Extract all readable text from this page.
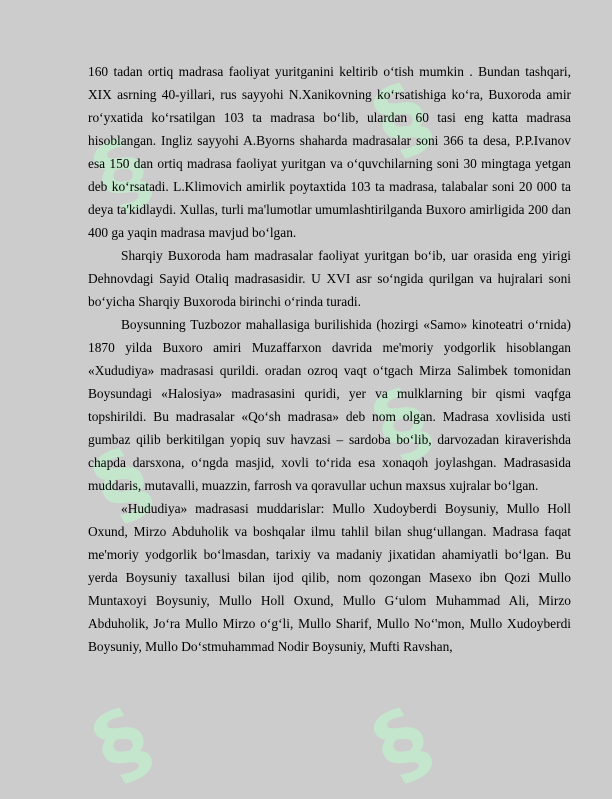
§ §
§
§
§ §

160 tadan ortiq madrasa faoliyat yuritganini keltirib o‘tish mumkin . Bundan tashqari, XIX asrning 40-yillari, rus sayyohi N.Xanikovning ko‘rsatishiga ko‘ra, Buxoroda amir ro‘yxatida ko‘rsatilgan 103 ta madrasa bo‘lib, ulardan 60 tasi eng katta madrasa hisoblangan. Ingliz sayyohi A.Byorns shaharda madrasalar soni 366 ta desa, P.P.Ivanov esa 150 dan ortiq madrasa faoliyat yuritgan va o‘quvchilarning soni 30 mingtaga yetgan deb ko‘rsatadi. L.Klimovich amirlik poytaxtida 103 ta madrasa, talabalar soni 20 000 ta deya ta'kidlaydi. Xullas, turli ma'lumotlar umumlashtirilganda Buxoro amirligida 200 dan 400 ga yaqin madrasa mavjud bo‘lgan.

Sharqiy Buxoroda ham madrasalar faoliyat yuritgan bo‘ib, uar orasida eng yirigi Dehnovdagi Sayid Otaliq madrasasidir. U XVI asr so‘ngida qurilgan va hujralari soni bo‘yicha Sharqiy Buxoroda birinchi o‘rinda turadi.

Boysunning Tuzbozor mahallasiga burilishida (hozirgi «Samo» kinoteatri o‘rnida) 1870 yilda Buxoro amiri Muzaffarxon davrida me'moriy yodgorlik hisoblangan «Xududiya» madrasasi qurildi. oradan ozroq vaqt o‘tgach Mirza Salimbek tomonidan Boysundagi «Halosiya» madrasasini quridi, yer va mulklarning bir qismi vaqfga topshirildi. Bu madrasalar «Qo‘sh madrasa» deb nom olgan. Madrasa xovlisida usti gumbaz qilib berkitilgan yopiq suv havzasi – sardoba bo‘lib, darvozadan kiraverishda chapda darsxona, o‘ngda masjid, xovli to‘rida esa xonaqoh joylashgan. Madrasasida muddaris, mutavalli, muazzin, farrosh va qoravullar uchun maxsus xujralar bo‘lgan.

«Hududiya» madrasasi muddarislar: Mullo Xudoyberdi Boysuniy, Mullo Holl Oxund, Mirzo Abduholik va boshqalar ilmu tahlil bilan shug‘ullangan. Madrasa faqat me'moriy yodgorlik bo‘lmasdan, tarixiy va madaniy jixatidan ahamiyatli bo‘lgan. Bu yerda Boysuniy taxallusi bilan ijod qilib, nom qozongan Masexo ibn Qozi Mullo Muntaxoyi Boysuniy, Mullo Holl Oxund, Mullo G‘ulom Muhammad Ali, Mirzo Abduholik, Jo‘ra Mullo Mirzo o‘g‘li, Mullo Sharif, Mullo No‘'mon, Mullo Xudoyberdi Boysuniy, Mullo Do‘stmuhammad Nodir Boysuniy, Mufti Ravshan,
